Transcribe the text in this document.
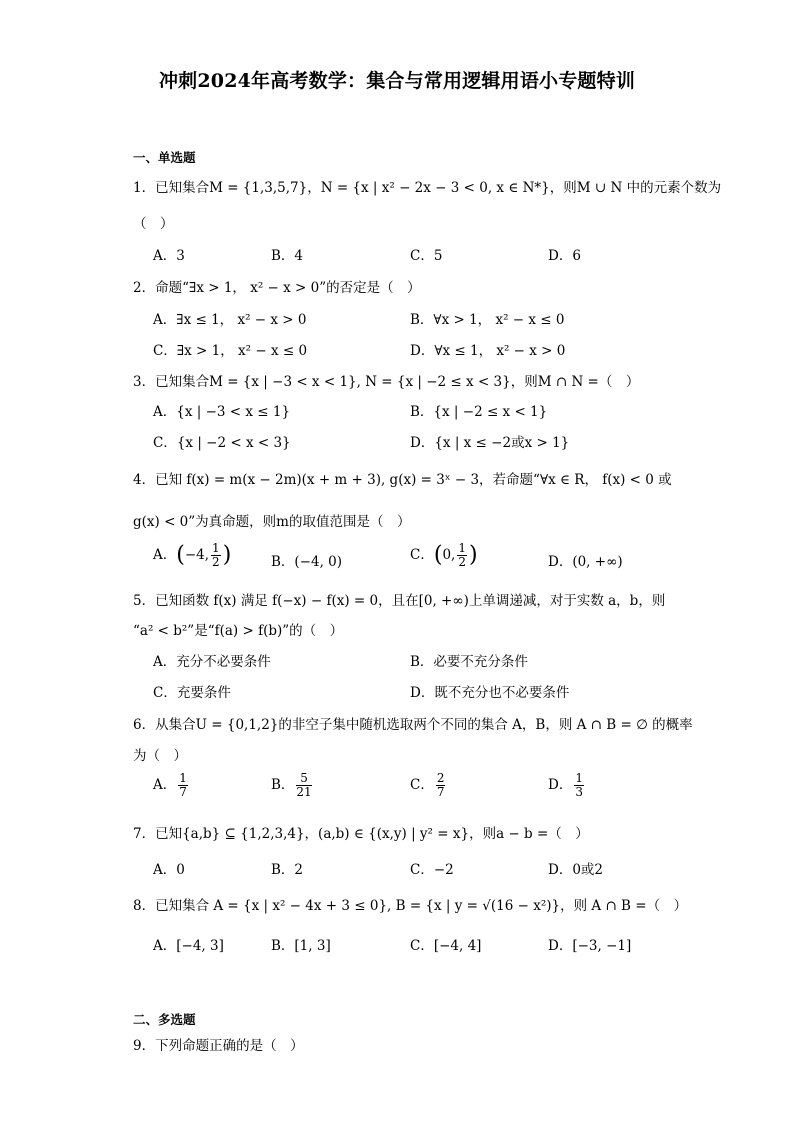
冲刺2024年高考数学：集合与常用逻辑用语小专题特训
一、单选题
1．已知集合M = {1,3,5,7}，N = {x | x² − 2x − 3 < 0, x ∈ N*}，则M ∪ N 中的元素个数为
（　）
A．3	B．4	C．5	D．6
2．命题“∃x > 1， x² − x > 0”的否定是（　）
A．∃x ≤ 1， x² − x > 0	B．∀x > 1， x² − x ≤ 0
C．∃x > 1， x² − x ≤ 0	D．∀x ≤ 1， x² − x > 0
3．已知集合M = {x | −3 < x < 1}, N = {x | −2 ≤ x < 3}，则M ∩ N =（　）
A．{x | −3 < x ≤ 1}	B．{x | −2 ≤ x < 1}
C．{x | −2 < x < 3}	D．{x | x ≤ −2或x > 1}
4．已知 f(x) = m(x − 2m)(x + m + 3), g(x) = 3ˣ − 3，若命题“∀x ∈ R， f(x) < 0 或
g(x) < 0”为真命题，则m的取值范围是（　）
A．(−4, $\frac{1}{2}$ )	B．(−4, 0)	C．(0, $\frac{1}{2}$ )	D．(0, +∞)
5．已知函数 f(x) 满足 f(−x) − f(x) = 0，且在[0, +∞)上单调递减，对于实数 a，b，则
“a² < b²”是“f(a) > f(b)”的（　）
A．充分不必要条件	B．必要不充分条件
C．充要条件	D．既不充分也不必要条件
6．从集合U = {0,1,2}的非空子集中随机选取两个不同的集合 A，B，则 A ∩ B = ∅ 的概率
为（　）
A． $\frac{1}{7}$	B． $\frac{5}{21}$	C． $\frac{2}{7}$	D． $\frac{1}{3}$
7．已知{a,b} ⊆ {1,2,3,4}，(a,b) ∈ {(x,y) | y² = x}，则a − b =（　）
A．0	B．2	C．−2	D．0或2
8．已知集合 A = {x | x² − 4x + 3 ≤ 0}, B = {x | y = √(16 − x²)}，则 A ∩ B =（　）
A．[−4, 3]	B．[1, 3]	C．[−4, 4]	D．[−3, −1]
二、多选题
9．下列命题正确的是（　）
